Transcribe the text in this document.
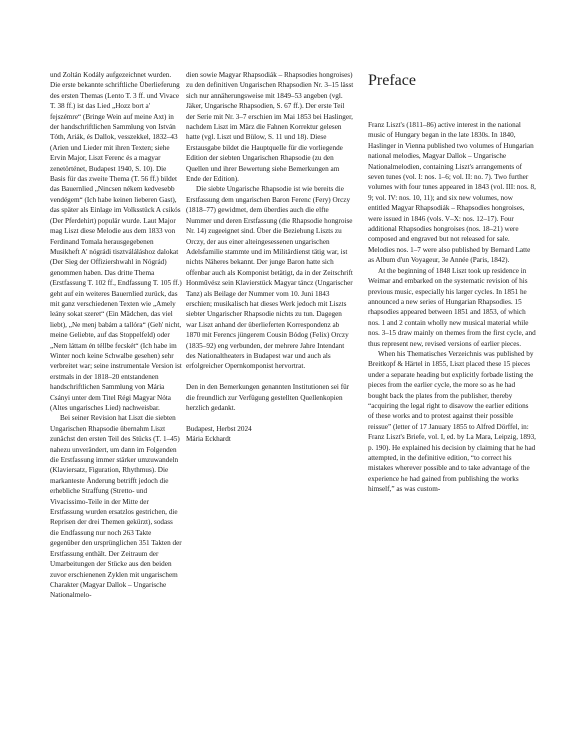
und Zoltán Kodály aufgezeichnet wurden. Die erste bekannte schriftliche Überlieferung des ersten Themas (Lento T. 3 ff. und Vivace T. 38 ff.) ist das Lied „Hozz bort a' fejszémre“ (Bringe Wein auf meine Axt) in der handschriftlichen Sammlung von István Tóth, Ariák, és Dallok, vesszekkel, 1832–43 (Arien und Lieder mit ihren Texten; siehe Ervin Major, Liszt Ferenc és a magyar zenetörténet, Budapest 1940, S. 10). Die Basis für das zweite Thema (T. 56 ff.) bildet das Bauernlied „Nincsen nékem kedvesebb vendégem“ (Ich habe keinen lieberen Gast), das später als Einlage im Volksstück A csikós (Der Pferdehirt) populär wurde. Laut Major mag Liszt diese Melodie aus dem 1833 von Ferdinand Tomala herausgegebenen Musikheft A' nógrádi tisztváláláshoz dalokat (Der Sieg der Offiziershwahl in Nógrád) genommen haben. Das dritte Thema (Erstfassung T. 102 ff., Endfassung T. 105 ff.) geht auf ein weiteres Bauernlied zurück, das mit ganz verschiedenen Texten wie „Amely leány sokat szeret“ (Ein Mädchen, das viel liebt), „Ne menj babám a tallóra“ (Geh' nicht, meine Geliebte, auf das Stoppelfeld) oder „Nem láttam én téllbe fecskét“ (Ich habe im Winter noch keine Schwalbe gesehen) sehr verbreitet war; seine instrumentale Version ist erstmals in der 1818–20 entstandenen handschriftlichen Sammlung von Mária Csányi unter dem Titel Régi Magyar Nóta (Altes ungarisches Lied) nachweisbar.

Bei seiner Revision hat Liszt die siebten Ungarischen Rhapsodie übernahm Liszt zunächst den ersten Teil des Stücks (T. 1–45) nahezu unverändert, um dann im Folgenden die Erstfassung immer stärker umzuwandeln (Klaviersatz, Figuration, Rhythmus). Die markanteste Änderung betrifft jedoch die erhebliche Straffung (Stretto- und Vivacissimo-Teile in der Mitte der Erstfassung wurden ersatzlos gestrichen, die Reprisen der drei Themen gekürzt), sodass die Endfassung nur noch 263 Takte gegenüber den ursprünglichen 351 Takten der Erstfassung enthält. Der Zeitraum der Umarbeitungen der Stücke aus den beiden zuvor erschienenen Zyklen mit ungarischem Charakter (Magyar Dallok – Ungarische Nationalmelo-

dien sowie Magyar Rhapsodiák – Rhapsodies hongroises) zu den definitiven Ungarischen Rhapsodien Nr. 3–15 lässt sich nur annäherungsweise mit 1849–53 angeben (vgl. Jäker, Ungarische Rhapsodien, S. 67 ff.). Der erste Teil der Serie mit Nr. 3–7 erschien im Mai 1853 bei Haslinger, nachdem Liszt im März die Fahnen Korrektur gelesen hatte (vgl. Liszt und Bülow, S. 11 und 18). Diese Erstausgabe bildet die Hauptquelle für die vorliegende Edition der siebten Ungarischen Rhapsodie (zu den Quellen und ihrer Bewertung siehe Bemerkungen am Ende der Edition).

Die siebte Ungarische Rhapsodie ist wie bereits die Erstfassung dem ungarischen Baron Ferenc (Fery) Orczy (1818–77) gewidmet, dem überdies auch die elfte Nummer und deren Erstfassung (die Rhapsodie hongroise Nr. 14) zugeeignet sind. Über die Beziehung Liszts zu Orczy, der aus einer alteingesessenen ungarischen Adelsfamilie stammte und im Militärdienst tätig war, ist nichts Näheres bekannt. Der junge Baron hatte sich offenbar auch als Komponist betätigt, da in der Zeitschrift Honművész sein Klavierstück Magyar táncz (Ungarischer Tanz) als Beilage der Nummer vom 10. Juni 1843 erschien; musikalisch hat dieses Werk jedoch mit Liszts siebter Ungarischer Rhapsodie nichts zu tun. Dagegen war Liszt anhand der überlieferten Korrespondenz ab 1870 mit Ferencs jüngerem Cousin Bódog (Felix) Orczy (1835–92) eng verbunden, der mehrere Jahre Intendant des Nationaltheaters in Budapest war und auch als erfolgreicher Opernkomponist hervortrat.

Den in den Bemerkungen genannten Institutionen sei für die freundlich zur Verfügung gestellten Quellenkopien herzlich gedankt.

Budapest, Herbst 2024

Mária Eckhardt

Preface

Franz Liszt's (1811–86) active interest in the national music of Hungary began in the late 1830s. In 1840, Haslinger in Vienna published two volumes of Hungarian national melodies, Magyar Dallok – Ungarische Nationalmelodien, containing Liszt's arrangements of seven tunes (vol. I: nos. 1–6; vol. II: no. 7). Two further volumes with four tunes appeared in 1843 (vol. III: nos. 8, 9; vol. IV: nos. 10, 11); and six new volumes, now entitled Magyar Rhapsodiák – Rhapsodies hongroises, were issued in 1846 (vols. V–X: nos. 12–17). Four additional Rhapsodies hongroises (nos. 18–21) were composed and engraved but not released for sale. Melodies nos. 1–7 were also published by Bernard Latte as Album d'un Voyageur, 3e Année (Paris, 1842).

At the beginning of 1848 Liszt took up residence in Weimar and embarked on the systematic revision of his previous music, especially his larger cycles. In 1851 he announced a new series of Hungarian Rhapsodies. 15 rhapsodies appeared between 1851 and 1853, of which nos. 1 and 2 contain wholly new musical material while nos. 3–15 draw mainly on themes from the first cycle, and thus represent new, revised versions of earlier pieces.

When his Thematisches Verzeichnis was published by Breitkopf & Härtel in 1855, Liszt placed these 15 pieces under a separate heading but explicitly forbade listing the pieces from the earlier cycle, the more so as he had bought back the plates from the publisher, thereby “acquiring the legal right to disavow the earlier editions of these works and to protest against their possible reissue” (letter of 17 January 1855 to Alfred Dörffel, in: Franz Liszt's Briefe, vol. I, ed. by La Mara, Leipzig, 1893, p. 190). He explained his decision by claiming that he had attempted, in the definitive edition, “to correct his mistakes wherever possible and to take advantage of the experience he had gained from publishing the works himself,” as was custom-
